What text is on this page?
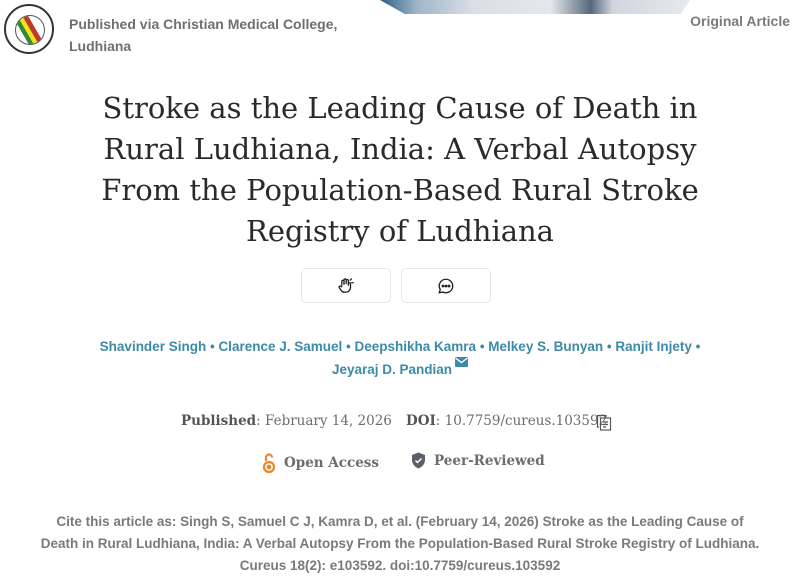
Published via Christian Medical College, Ludhiana
Original Article
Stroke as the Leading Cause of Death in Rural Ludhiana, India: A Verbal Autopsy From the Population-Based Rural Stroke Registry of Ludhiana
Shavinder Singh • Clarence J. Samuel • Deepshikha Kamra • Melkey S. Bunyan • Ranjit Injety •
Jeyaraj D. Pandian
Published: February 14, 2026 DOI: 10.7759/cureus.103592
Open Access	Peer-Reviewed
Cite this article as: Singh S, Samuel C J, Kamra D, et al. (February 14, 2026) Stroke as the Leading Cause of Death in Rural Ludhiana, India: A Verbal Autopsy From the Population-Based Rural Stroke Registry of Ludhiana. Cureus 18(2): e103592. doi:10.7759/cureus.103592
